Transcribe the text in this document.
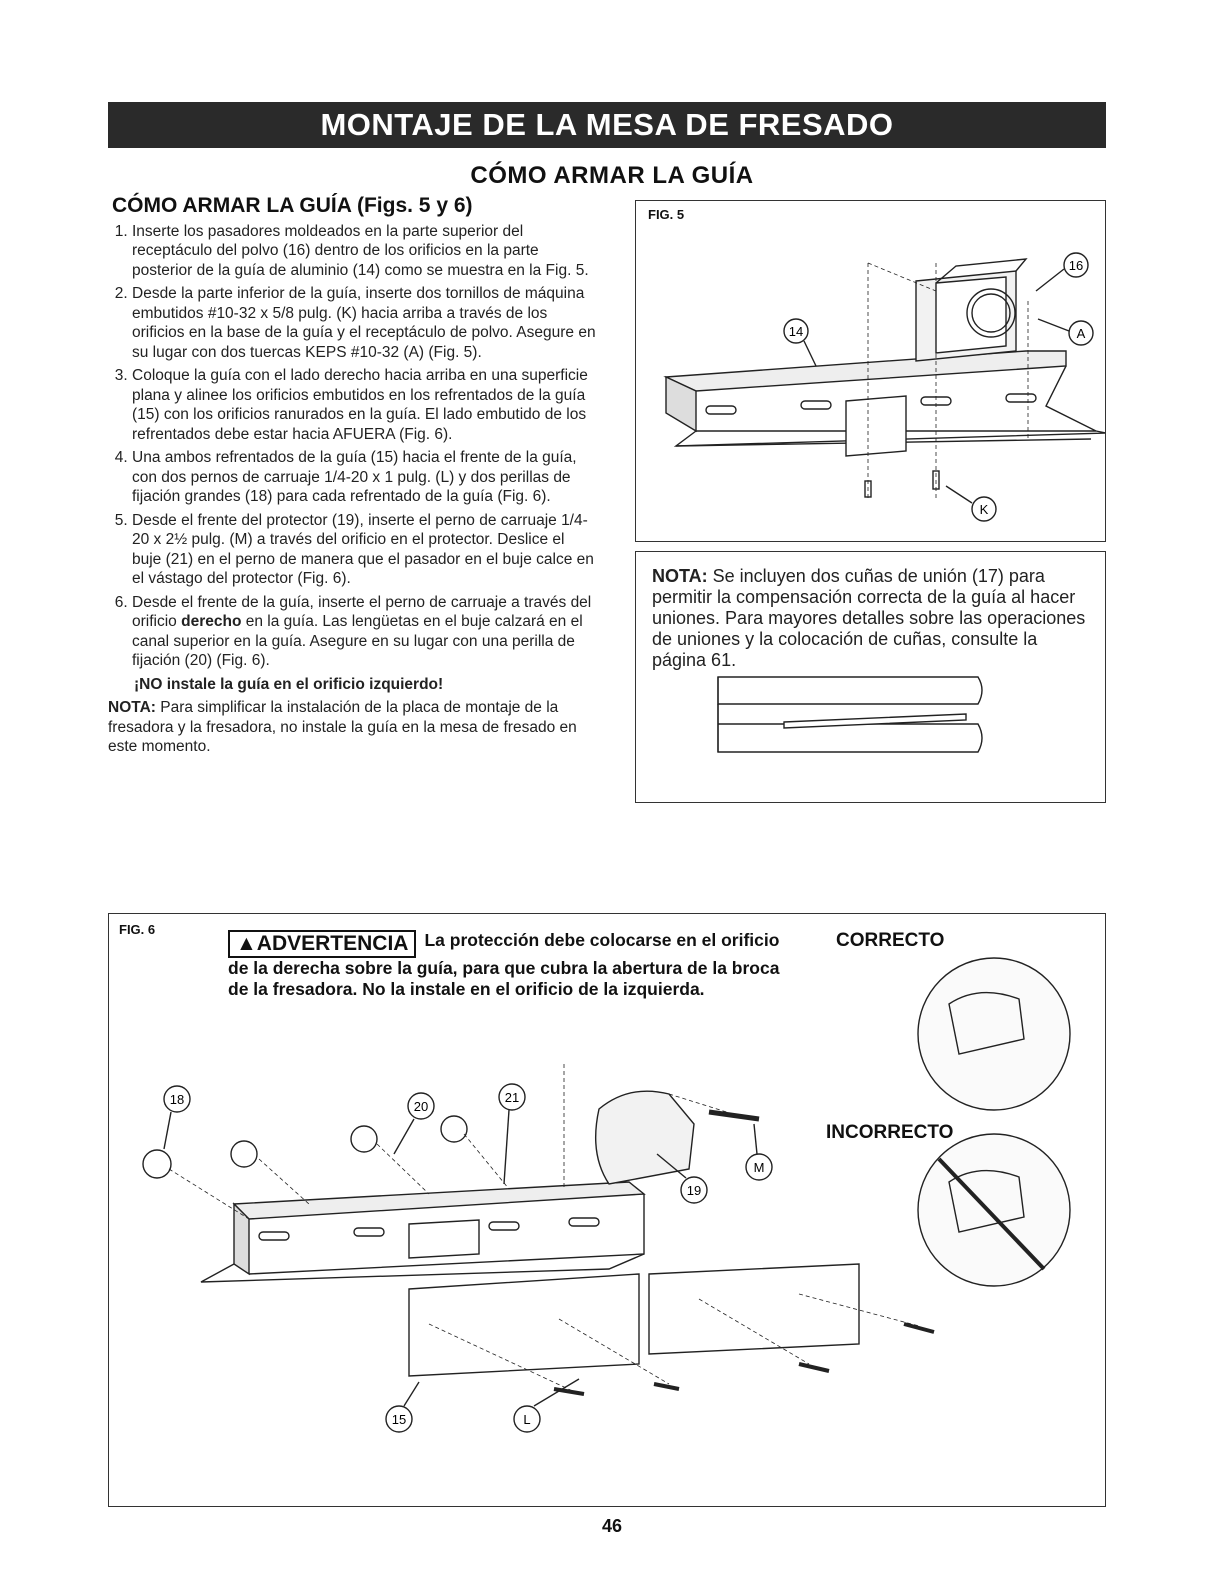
MONTAJE DE LA MESA DE FRESADO
CÓMO ARMAR LA GUÍA
CÓMO ARMAR LA GUÍA (Figs. 5 y 6)
1. Inserte los pasadores moldeados en la parte superior del receptáculo del polvo (16) dentro de los orificios en la parte posterior de la guía de aluminio (14) como se muestra en la Fig. 5.
2. Desde la parte inferior de la guía, inserte dos tornillos de máquina embutidos #10-32 x 5/8 pulg. (K) hacia arriba a través de los orificios en la base de la guía y el receptáculo de polvo. Asegure en su lugar con dos tuercas KEPS #10-32 (A) (Fig. 5).
3. Coloque la guía con el lado derecho hacia arriba en una superficie plana y alinee los orificios embutidos en los refrentados de la guía (15) con los orificios ranurados en la guía. El lado embutido de los refrentados debe estar hacia AFUERA (Fig. 6).
4. Una ambos refrentados de la guía (15) hacia el frente de la guía, con dos pernos de carruaje 1/4-20 x 1 pulg. (L) y dos perillas de fijación grandes (18) para cada refrentado de la guía (Fig. 6).
5. Desde el frente del protector (19), inserte el perno de carruaje 1/4-20 x 2½ pulg. (M) a través del orificio en el protector. Deslice el buje (21) en el perno de manera que el pasador en el buje calce en el vástago del protector (Fig. 6).
6. Desde el frente de la guía, inserte el perno de carruaje a través del orificio derecho en la guía. Las lengüetas en el buje calzará en el canal superior en la guía. Asegure en su lugar con una perilla de fijación (20) (Fig. 6).
¡NO instale la guía en el orificio izquierdo!

NOTA: Para simplificar la instalación de la placa de montaje de la fresadora y la fresadora, no instale la guía en la mesa de fresado en este momento.

FIG. 5
16
14	A
K
NOTA: Se incluyen dos cuñas de unión (17) para permitir la compensación correcta de la guía al hacer uniones. Para mayores detalles sobre las operaciones de uniones y la colocación de cuñas, consulte la página 61.
FIG. 6
18	20
21
M
19
15	L
▲ADVERTENCIA La protección debe colocarse en el orificio de la derecha sobre la guía, para que cubra la abertura de la broca de la fresadora. No la instale en el orificio de la izquierda.
CORRECTO
INCORRECTO
46
